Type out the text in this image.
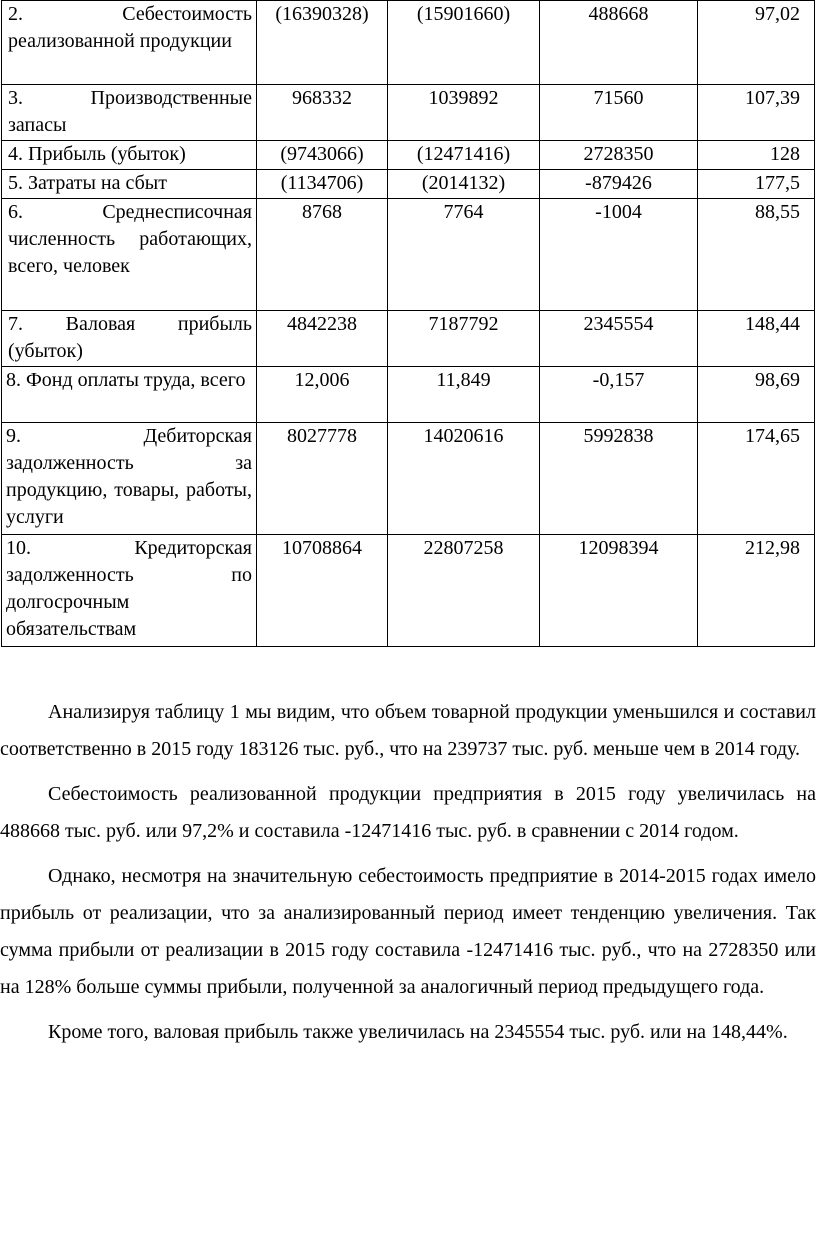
2. Себестоимость реализованной продукции	(16390328)	(15901660)	488668	97,02
3. Производственные запасы	968332	1039892	71560	107,39
4. Прибыль (убыток)	(9743066)	(12471416)	2728350	128
5. Затраты на сбыт	(1134706)	(2014132)	-879426	177,5
6. Среднесписочная численность работающих, всего, человек	8768	7764	-1004	88,55
7. Валовая прибыль (убыток)	4842238	7187792	2345554	148,44
8. Фонд оплаты труда, всего	12,006	11,849	-0,157	98,69
9. Дебиторская задолженность за продукцию, товары, работы, услуги	8027778	14020616	5992838	174,65
10. Кредиторская задолженность по долгосрочным обязательствам	10708864	22807258	12098394	212,98

Анализируя таблицу 1 мы видим, что объем товарной продукции уменьшился и составил соответственно в 2015 году 183126 тыс. руб., что на 239737 тыс. руб. меньше чем в 2014 году.

Себестоимость реализованной продукции предприятия в 2015 году увеличилась на 488668 тыс. руб. или 97,2% и составила -12471416 тыс. руб. в сравнении с 2014 годом.

Однако, несмотря на значительную себестоимость предприятие в 2014-2015 годах имело прибыль от реализации, что за анализированный период имеет тенденцию увеличения. Так сумма прибыли от реализации в 2015 году составила -12471416 тыс. руб., что на 2728350 или на 128% больше суммы прибыли, полученной за аналогичный период предыдущего года.

Кроме того, валовая прибыль также увеличилась на 2345554 тыс. руб. или на 148,44%.
